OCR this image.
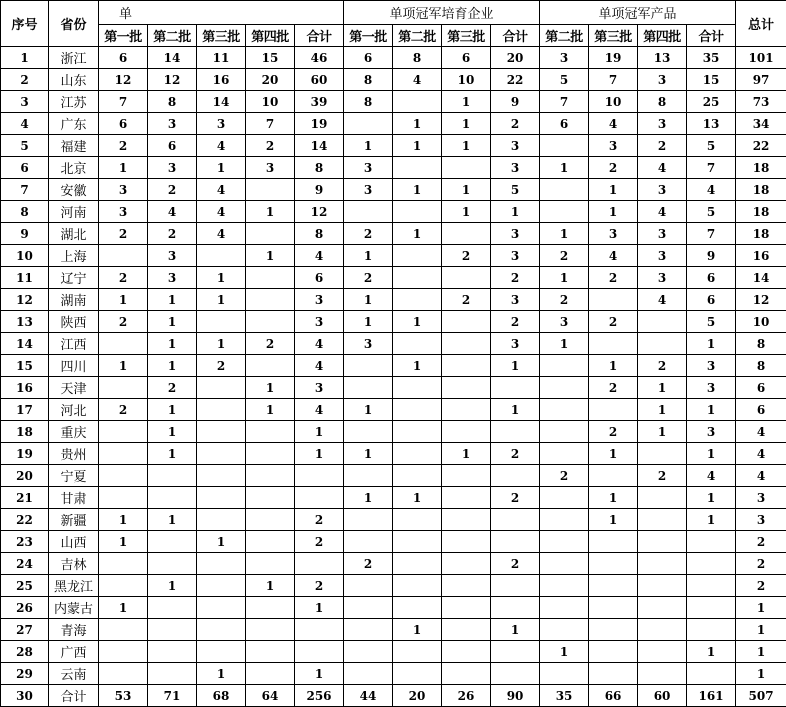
序号	省份	单					单项冠军培育企业				单项冠军产品				总计
		第一批	第二批	第三批	第四批	合计	第一批	第二批	第三批	合计	第二批	第三批	第四批	合计	
1	浙江	6	14	11	15	46	6	8	6	20	3	19	13	35	101
2	山东	12	12	16	20	60	8	4	10	22	5	7	3	15	97
3	江苏	7	8	14	10	39	8		1	9	7	10	8	25	73
4	广东	6	3	3	7	19		1	1	2	6	4	3	13	34
5	福建	2	6	4	2	14	1	1	1	3		3	2	5	22
6	北京	1	3	1	3	8	3			3	1	2	4	7	18
7	安徽	3	2	4		9	3	1	1	5		1	3	4	18
8	河南	3	4	4	1	12			1	1		1	4	5	18
9	湖北	2	2	4		8	2	1		3	1	3	3	7	18
10	上海		3		1	4	1		2	3	2	4	3	9	16
11	辽宁	2	3	1		6	2			2	1	2	3	6	14
12	湖南	1	1	1		3	1		2	3	2		4	6	12
13	陕西	2	1			3	1	1		2	3	2		5	10
14	江西		1	1	2	4	3			3	1			1	8
15	四川	1	1	2		4		1		1		1	2	3	8
16	天津		2		1	3						2	1	3	6
17	河北	2	1		1	4	1			1			1	1	6
18	重庆		1			1						2	1	3	4
19	贵州		1			1	1		1	2		1		1	4
20	宁夏										2		2	4	4
21	甘肃						1	1		2		1		1	3
22	新疆	1	1			2						1		1	3
23	山西	1		1		2									2
24	吉林						2			2					2
25	黑龙江		1		1	2									2
26	内蒙古	1				1									1
27	青海							1		1					1
28	广西										1			1	1
29	云南			1		1									1
30	合计	53	71	68	64	256	44	20	26	90	35	66	60	161	507
